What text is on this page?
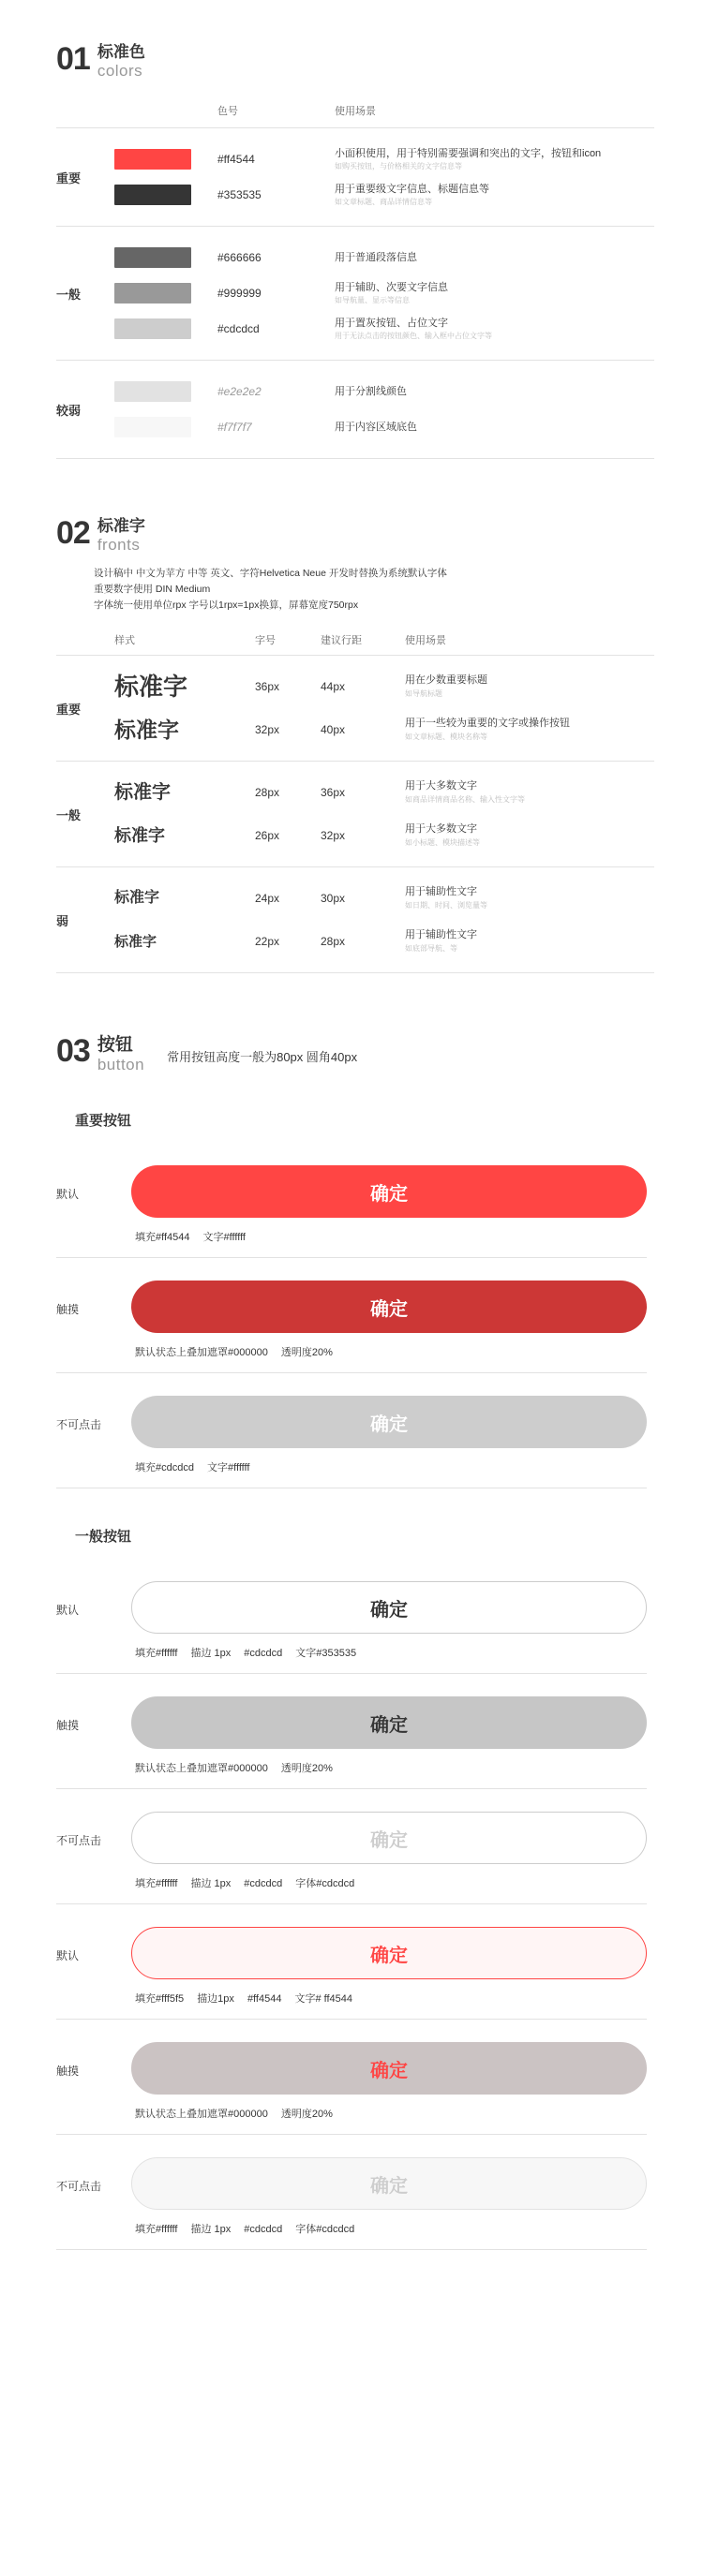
01 标准色
colors
色号	使用场景
重要
#ff4544	小面积使用，用于特别需要强调和突出的文字，按钮和icon
如购买按钮，与价格相关的文字信息等
#353535	用于重要级文字信息、标题信息等
如文章标题、商品详情信息等
一般
#666666	用于普通段落信息
#999999	用于辅助、次要文字信息
如导航量、显示等信息
#cdcdcd	用于置灰按钮、占位文字
用于无法点击的按钮颜色、输入框中占位文字等
较弱
#e2e2e2	用于分割线颜色
#f7f7f7	用于内容区域底色
02 标准字
fronts
设计稿中 中文为苹方 中等 英文、字符Helvetica Neue 开发时替换为系统默认字体
重要数字使用 DIN Medium
字体统一使用单位rpx 字号以1rpx=1px换算，屏幕宽度750rpx
样式	字号	建议行距	使用场景
重要
标准字	36px	44px	用在少数重要标题
如导航标题
标准字	32px	40px	用于一些较为重要的文字或操作按钮
如文章标题、模块名称等
一般
标准字	28px	36px	用于大多数文字
如商品详情商品名称、输入性文字等
标准字	26px	32px	用于大多数文字
如小标题、模块描述等
弱
标准字	24px	30px	用于辅助性文字
如日期、时间、浏览量等
标准字	22px	28px	用于辅助性文字
如底部导航、等
03 按钮
button 常用按钮高度一般为80px 圆角40px
重要按钮
默认	确定
填充#ff4544 文字#ffffff
触摸	确定
默认状态上叠加遮罩#000000 透明度20%
不可点击	确定
填充#cdcdcd 文字#ffffff
一般按钮
默认	确定
填充#ffffff 描边 1px #cdcdcd 文字#353535
触摸	确定
默认状态上叠加遮罩#000000 透明度20%
不可点击	确定
填充#ffffff 描边 1px #cdcdcd 字体#cdcdcd
默认	确定
填充#fff5f5 描边1px #ff4544 文字# ff4544
触摸	确定
默认状态上叠加遮罩#000000 透明度20%
不可点击	确定
填充#ffffff 描边 1px #cdcdcd 字体#cdcdcd
